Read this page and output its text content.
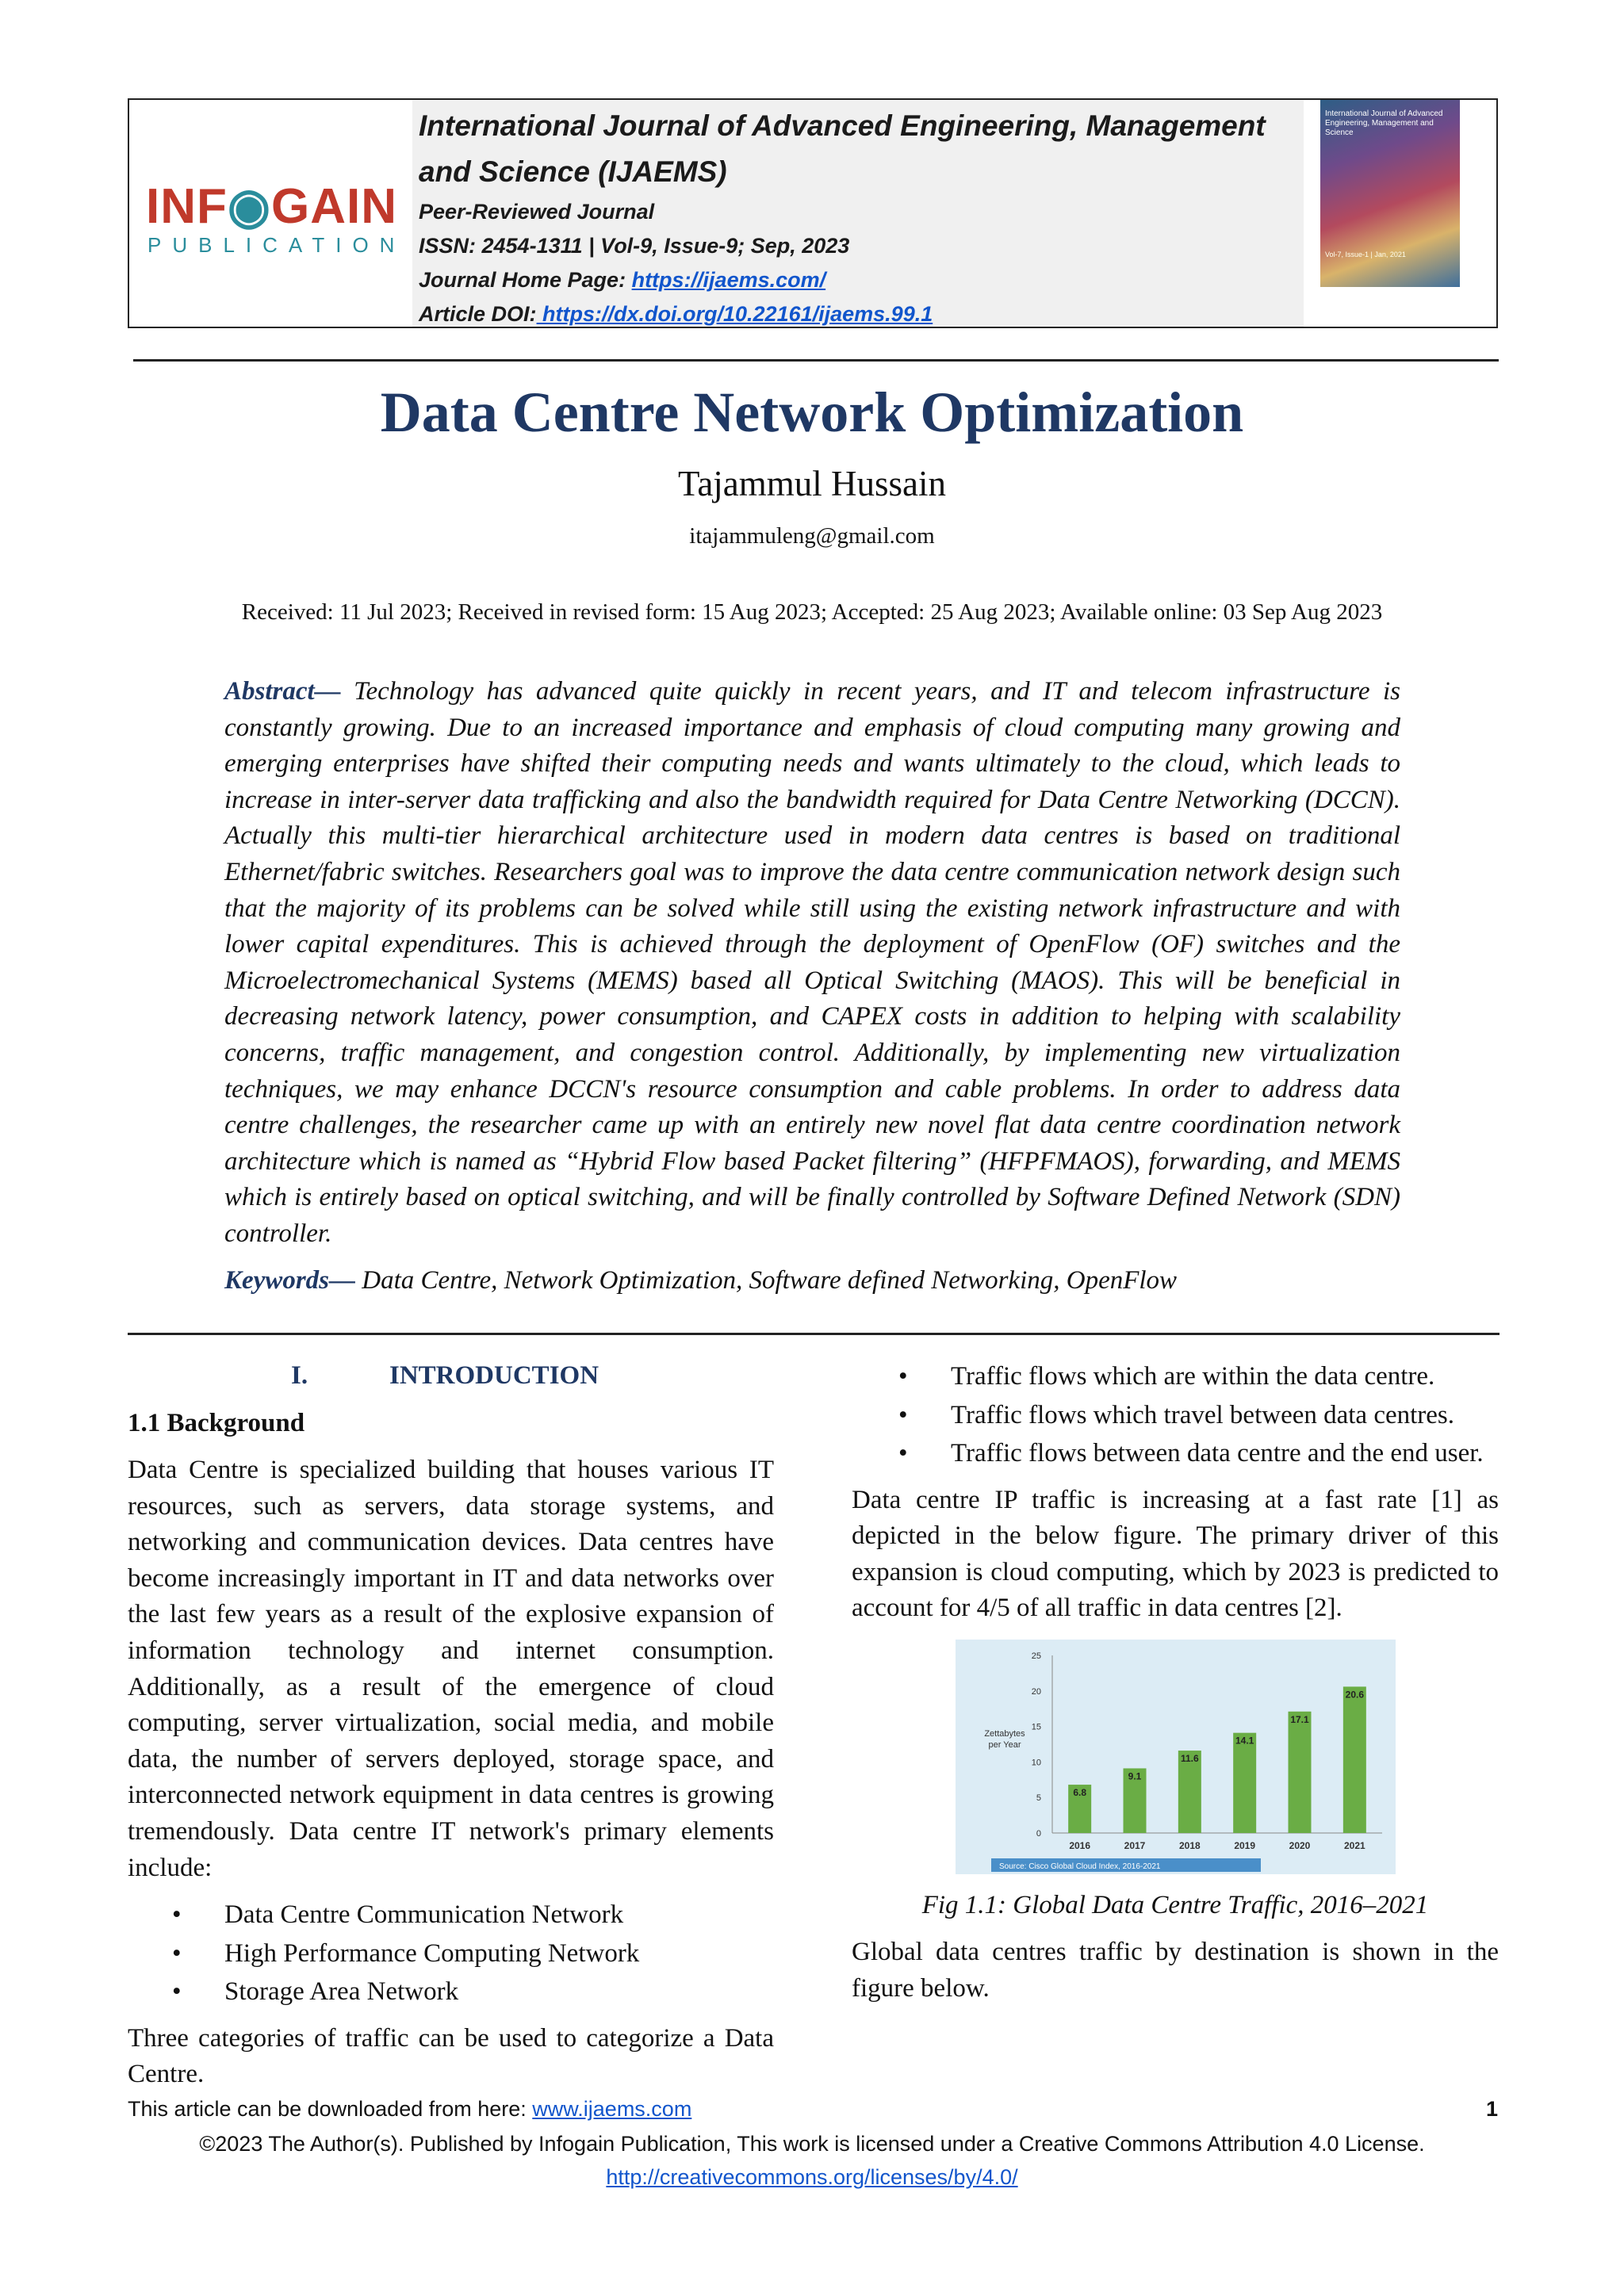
INF◉GAIN
PUBLICATION

International Journal of Advanced Engineering, Management and Science (IJAEMS)

Peer-Reviewed Journal

ISSN: 2454-1311 | Vol-9, Issue-9; Sep, 2023

Journal Home Page: https://ijaems.com/

Article DOI: https://dx.doi.org/10.22161/ijaems.99.1

International Journal of Advanced Engineering, Management and Science
Vol-7, Issue-1 | Jan, 2021
Data Centre Network Optimization
Tajammul Hussain
itajammuleng@gmail.com
Received: 11 Jul 2023; Received in revised form: 15 Aug 2023; Accepted: 25 Aug 2023; Available online: 03 Sep Aug 2023

Abstract— Technology has advanced quite quickly in recent years, and IT and telecom infrastructure is constantly growing. Due to an increased importance and emphasis of cloud computing many growing and emerging enterprises have shifted their computing needs and wants ultimately to the cloud, which leads to increase in inter-server data trafficking and also the bandwidth required for Data Centre Networking (DCCN). Actually this multi-tier hierarchical architecture used in modern data centres is based on traditional Ethernet/fabric switches. Researchers goal was to improve the data centre communication network design such that the majority of its problems can be solved while still using the existing network infrastructure and with lower capital expenditures. This is achieved through the deployment of OpenFlow (OF) switches and the Microelectromechanical Systems (MEMS) based all Optical Switching (MAOS). This will be beneficial in decreasing network latency, power consumption, and CAPEX costs in addition to helping with scalability concerns, traffic management, and congestion control. Additionally, by implementing new virtualization techniques, we may enhance DCCN's resource consumption and cable problems. In order to address data centre challenges, the researcher came up with an entirely new novel flat data centre coordination network architecture which is named as “Hybrid Flow based Packet filtering” (HFPFMAOS), forwarding, and MEMS which is entirely based on optical switching, and will be finally controlled by Software Defined Network (SDN) controller.

Keywords— Data Centre, Network Optimization, Software defined Networking, OpenFlow

I.	INTRODUCTION
1.1 Background

Data Centre is specialized building that houses various IT resources, such as servers, data storage systems, and networking and communication devices. Data centres have become increasingly important in IT and data networks over the last few years as a result of the explosive expansion of information technology and internet consumption. Additionally, as a result of the emergence of cloud computing, server virtualization, social media, and mobile data, the number of servers deployed, storage space, and interconnected network equipment in data centres is growing tremendously. Data centre IT network's primary elements include:

• Data Centre Communication Network
• High Performance Computing Network
• Storage Area Network

Three categories of traffic can be used to categorize a Data Centre.

• Traffic flows which are within the data centre.
• Traffic flows which travel between data centres.
• Traffic flows between data centre and the end user.

Data centre IP traffic is increasing at a fast rate [1] as depicted in the below figure. The primary driver of this expansion is cloud computing, which by 2023 is predicted to account for 4/5 of all traffic in data centres [2].

0
5
10
15
20
25
Zettabytes
per Year
6.8
2016
9.1
2017
11.6
2018
14.1
2019
17.1
2020
20.6
2021
Source: Cisco Global Cloud Index, 2016-2021
Fig 1.1: Global Data Centre Traffic, 2016–2021

Global data centres traffic by destination is shown in the figure below.

This article can be downloaded from here: www.ijaems.com	1
©2023 The Author(s). Published by Infogain Publication, This work is licensed under a Creative Commons Attribution 4.0 License.
http://creativecommons.org/licenses/by/4.0/
